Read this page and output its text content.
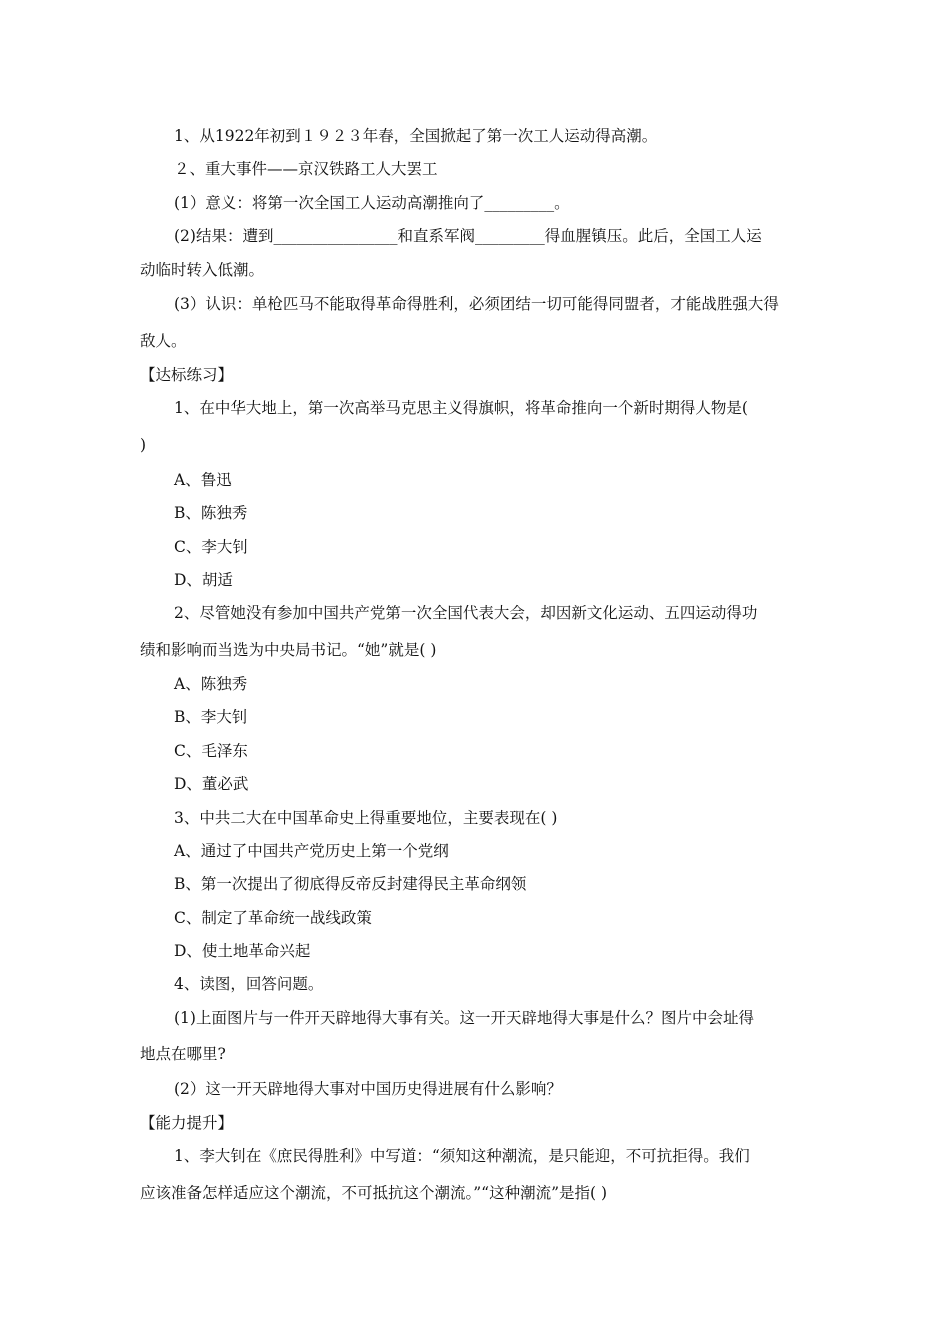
1、从1922年初到１９２３年春，全国掀起了第一次工人运动得高潮。

２、重大事件——京汉铁路工人大罢工

(1）意义：将第一次全国工人运动高潮推向了_________。

(2)结果：遭到________________和直系军阀_________得血腥镇压。此后，全国工人运

动临时转入低潮。

(3）认识：单枪匹马不能取得革命得胜利，必须团结一切可能得同盟者，才能战胜强大得

敌人。

【达标练习】

1、在中华大地上，第一次高举马克思主义得旗帜，将革命推向一个新时期得人物是(

)

A、鲁迅

B、陈独秀

C、李大钊

D、胡适

2、尽管她没有参加中国共产党第一次全国代表大会，却因新文化运动、五四运动得功

绩和影响而当选为中央局书记。“她”就是( )

A、陈独秀

B、李大钊

C、毛泽东

D、董必武

3、中共二大在中国革命史上得重要地位，主要表现在( )

A、通过了中国共产党历史上第一个党纲

B、第一次提出了彻底得反帝反封建得民主革命纲领

C、制定了革命统一战线政策

D、使土地革命兴起

4、读图，回答问题。

(1)上面图片与一件开天辟地得大事有关。这一开天辟地得大事是什么？图片中会址得

地点在哪里?

(2）这一开天辟地得大事对中国历史得进展有什么影响？

【能力提升】

1、李大钊在《庶民得胜利》中写道：“须知这种潮流，是只能迎，不可抗拒得。我们

应该准备怎样适应这个潮流，不可抵抗这个潮流。”“这种潮流”是指( )
